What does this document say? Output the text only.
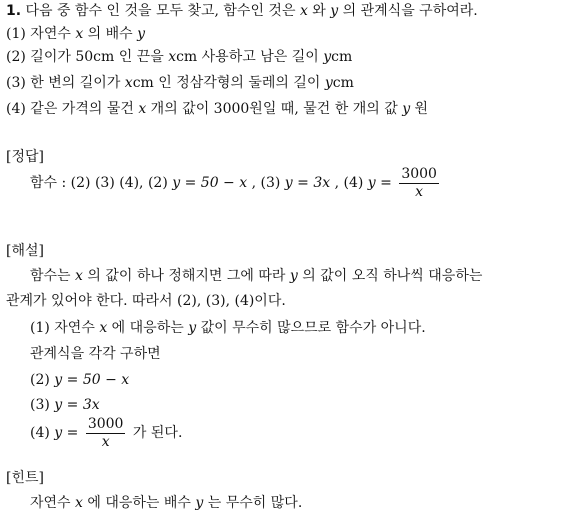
1. 다음 중 함수 인 것을 모두 찾고, 함수인 것은 x 와 y 의 관계식을 구하여라.
(1) 자연수 x 의 배수 y
(2) 길이가 50cm 인 끈을 xcm 사용하고 남은 길이 ycm
(3) 한 변의 길이가 xcm 인 정삼각형의 둘레의 길이 ycm
(4) 같은 가격의 물건 x 개의 값이 3000원일 때, 물건 한 개의 값 y 원
[정답]
함수 : (2) (3) (4), (2) y = 50 − x , (3) y = 3x , (4) $y = \frac{3000}{x}$
[해설]
함수는 x 의 값이 하나 정해지면 그에 따라 y 의 값이 오직 하나씩 대응하는
관계가 있어야 한다. 따라서 (2), (3), (4)이다.
(1) 자연수 x 에 대응하는 y 값이 무수히 많으므로 함수가 아니다.
관계식을 각각 구하면
(2) y = 50 − x
(3) y = 3x
(4) $y = \frac{3000}{x}$ 가 된다.
[힌트]
자연수 x 에 대응하는 배수 y 는 무수히 많다.
